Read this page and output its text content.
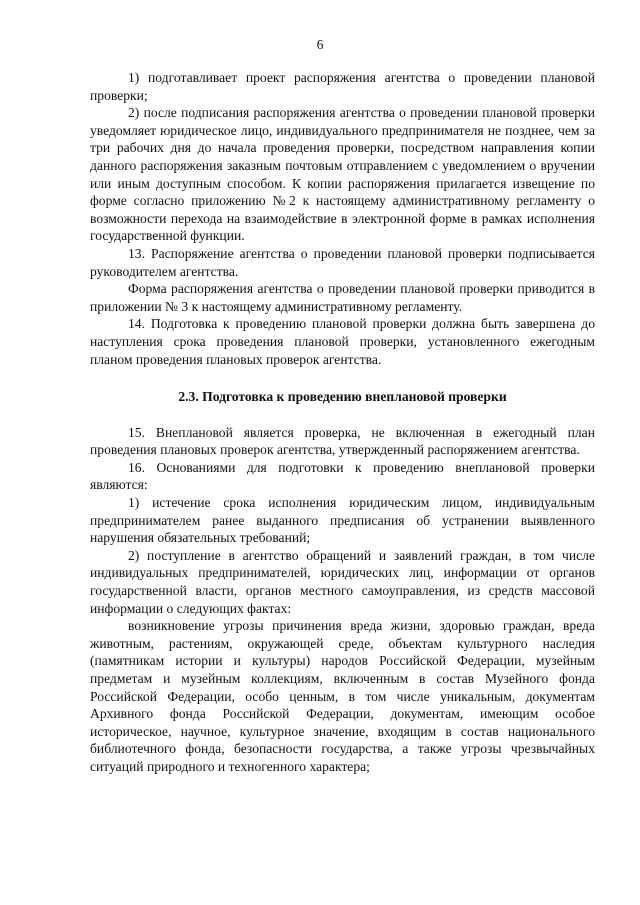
6

1) подготавливает проект распоряжения агентства о проведении плановой проверки;

2) после подписания распоряжения агентства о проведении плановой проверки уведомляет юридическое лицо, индивидуального предпринимателя не позднее, чем за три рабочих дня до начала проведения проверки, посредством направления копии данного распоряжения заказным почтовым отправлением с уведомлением о вручении или иным доступным способом. К копии распоряжения прилагается извещение по форме согласно приложению №2 к настоящему административному регламенту о возможности перехода на взаимодействие в электронной форме в рамках исполнения государственной функции.

13. Распоряжение агентства о проведении плановой проверки подписывается руководителем агентства.

Форма распоряжения агентства о проведении плановой проверки приводится в приложении № 3 к настоящему административному регламенту.

14. Подготовка к проведению плановой проверки должна быть завершена до наступления срока проведения плановой проверки, установленного ежегодным планом проведения плановых проверок агентства.

2.3. Подготовка к проведению внеплановой проверки

15. Внеплановой является проверка, не включенная в ежегодный план проведения плановых проверок агентства, утвержденный распоряжением агентства.

16. Основаниями для подготовки к проведению внеплановой проверки являются:

1) истечение срока исполнения юридическим лицом, индивидуальным предпринимателем ранее выданного предписания об устранении выявленного нарушения обязательных требований;

2) поступление в агентство обращений и заявлений граждан, в том числе индивидуальных предпринимателей, юридических лиц, информации от органов государственной власти, органов местного самоуправления, из средств массовой информации о следующих фактах:

возникновение угрозы причинения вреда жизни, здоровью граждан, вреда животным, растениям, окружающей среде, объектам культурного наследия (памятникам истории и культуры) народов Российской Федерации, музейным предметам и музейным коллекциям, включенным в состав Музейного фонда Российской Федерации, особо ценным, в том числе уникальным, документам Архивного фонда Российской Федерации, документам, имеющим особое историческое, научное, культурное значение, входящим в состав национального библиотечного фонда, безопасности государства, а также угрозы чрезвычайных ситуаций природного и техногенного характера;
